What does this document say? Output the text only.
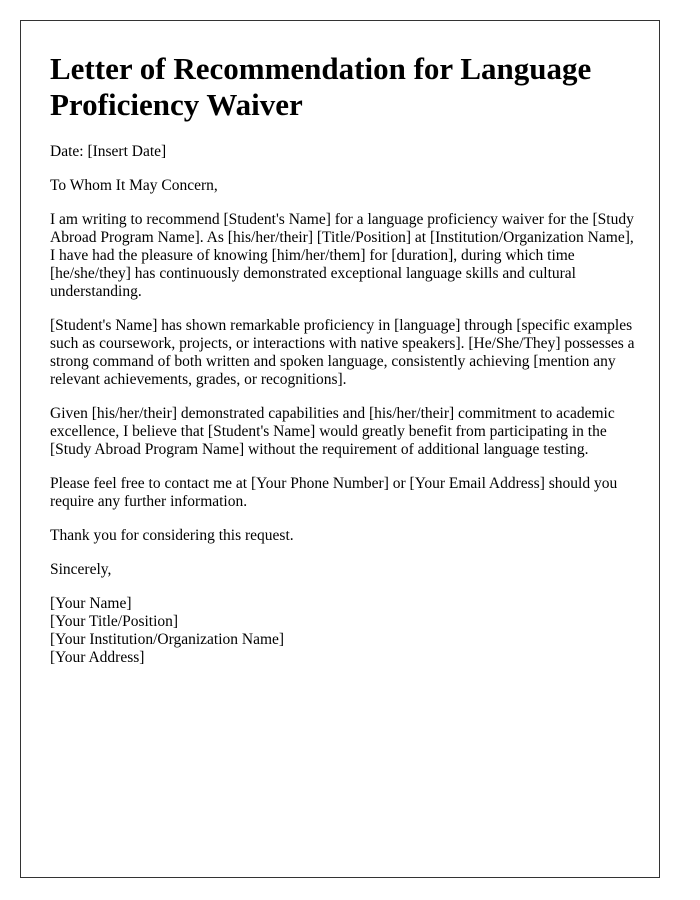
Letter of Recommendation for Language Proficiency Waiver

Date: [Insert Date]

To Whom It May Concern,

I am writing to recommend [Student's Name] for a language proficiency waiver for the [Study Abroad Program Name]. As [his/her/their] [Title/Position] at [Institution/Organization Name], I have had the pleasure of knowing [him/her/them] for [duration], during which time [he/she/they] has continuously demonstrated exceptional language skills and cultural understanding.

[Student's Name] has shown remarkable proficiency in [language] through [specific examples such as coursework, projects, or interactions with native speakers]. [He/She/They] possesses a strong command of both written and spoken language, consistently achieving [mention any relevant achievements, grades, or recognitions].

Given [his/her/their] demonstrated capabilities and [his/her/their] commitment to academic excellence, I believe that [Student's Name] would greatly benefit from participating in the [Study Abroad Program Name] without the requirement of additional language testing.

Please feel free to contact me at [Your Phone Number] or [Your Email Address] should you require any further information.

Thank you for considering this request.

Sincerely,

[Your Name]

[Your Title/Position]

[Your Institution/Organization Name]

[Your Address]
